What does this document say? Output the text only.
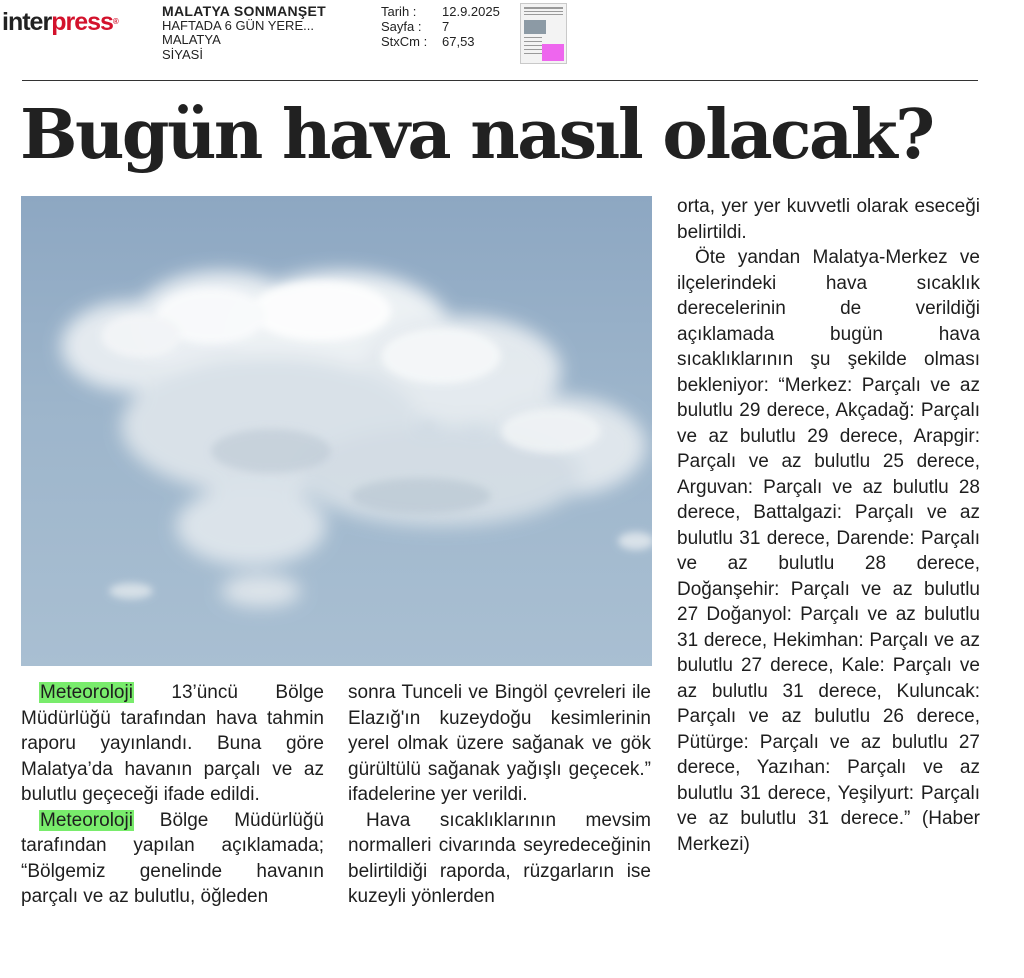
interpress®
MALATYA SONMANŞET
HAFTADA 6 GÜN YERE...
MALATYA
SİYASİ
Tarih :	12.9.2025
Sayfa :	7
StxCm :	67,53
Bugün hava nasıl olacak?

Meteoroloji 13’üncü Bölge Müdürlüğü tarafından hava tahmin raporu yayınlandı. Buna göre Malatya’da havanın parçalı ve az bulutlu geçeceği ifade edildi.

Meteoroloji Bölge Müdürlüğü tarafından yapılan açıklamada; “Bölgemiz genelinde havanın parçalı ve az bulutlu, öğleden

sonra Tunceli ve Bingöl çevreleri ile Elazığ'ın kuzeydoğu kesimlerinin yerel olmak üzere sağanak ve gök gürültülü sağanak yağışlı geçecek.” ifadelerine yer verildi.

Hava sıcaklıklarının mevsim normalleri civarında seyredeceğinin belirtildiği raporda, rüzgarların ise kuzeyli yönlerden

orta, yer yer kuvvetli olarak eseceği belirtildi.

Öte yandan Malatya-Merkez ve ilçelerindeki hava sıcaklık derecelerinin de verildiği açıklamada bugün hava sıcaklıklarının şu şekilde olması bekleniyor: “Merkez: Parçalı ve az bulutlu 29 derece, Akçadağ: Parçalı ve az bulutlu 29 derece, Arapgir: Parçalı ve az bulutlu 25 derece, Arguvan: Parçalı ve az bulutlu 28 derece, Battalgazi: Parçalı ve az bulutlu 31 derece, Darende: Parçalı ve az bulutlu 28 derece, Doğanşehir: Parçalı ve az bulutlu 27 Doğanyol: Parçalı ve az bulutlu 31 derece, Hekimhan: Parçalı ve az bulutlu 27 derece, Kale: Parçalı ve az bulutlu 31 derece, Kuluncak: Parçalı ve az bulutlu 26 derece, Pütürge: Parçalı ve az bulutlu 27 derece, Yazıhan: Parçalı ve az bulutlu 31 derece, Yeşilyurt: Parçalı ve az bulutlu 31 derece.” (Haber Merkezi)
